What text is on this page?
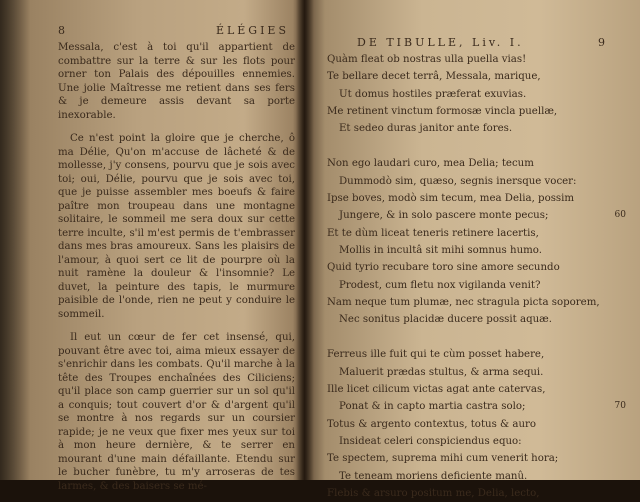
8	ÉLÉGIES

Messala, c'est à toi qu'il appartient de combattre sur la terre & sur les flots pour orner ton Palais des dépouilles ennemies. Une jolie Maîtresse me retient dans ses fers & je demeure assis devant sa porte inexorable.

Ce n'est point la gloire que je cherche, ô ma Délie, Qu'on m'accuse de lâcheté & de mollesse, j'y consens, pourvu que je sois avec toi; oui, Délie, pourvu que je sois avec toi, que je puisse assembler mes boeufs & faire paître mon troupeau dans une montagne solitaire, le sommeil me sera doux sur cette terre inculte, s'il m'est permis de t'embrasser dans mes bras amoureux. Sans les plaisirs de l'amour, à quoi sert ce lit de pourpre où la nuit ramène la douleur & l'insomnie? Le duvet, la peinture des tapis, le murmure paisible de l'onde, rien ne peut y conduire le sommeil.

Il eut un cœur de fer cet insensé, qui, pouvant être avec toi, aima mieux essayer de s'enrichir dans les combats. Qu'il marche à la tête des Troupes enchaînées des Ciliciens; qu'il place son camp guerrier sur un sol qu'il a conquis; tout couvert d'or & d'argent qu'il se montre à nos regards sur un coursier rapide; je ne veux que fixer mes yeux sur toi à mon heure dernière, & te serrer en mourant d'une main défaillante. Etendu sur le bucher funèbre, tu m'y arroseras de tes larmes, & des baisers se mé-

DE TIBULLE, Liv. I.	9
Quàm fleat ob nostras ulla puella vias!
Te bellare decet terrâ, Messala, marique,
Ut domus hostiles præferat exuvias.
Me retinent vinctum formosæ vincla puellæ,
Et sedeo duras janitor ante fores.
Non ego laudari curo, mea Delia; tecum
Dummodò sim, quæso, segnis inersque vocer:
Ipse boves, modò sim tecum, mea Delia, possim
Jungere, & in solo pascere monte pecus;
Et te dùm liceat teneris retinere lacertis,
Mollis in incultâ sit mihi somnus humo.
Quid tyrio recubare toro sine amore secundo
Prodest, cum fletu nox vigilanda venit?
Nam neque tum plumæ, nec stragula picta soporem,
Nec sonitus placidæ ducere possit aquæ.
60
Ferreus ille fuit qui te cùm posset habere,
Maluerit prædas stultus, & arma sequi.
Ille licet cilicum victas agat ante catervas,
Ponat & in capto martia castra solo;
Totus & argento contextus, totus & auro
Insideat celeri conspiciendus equo:
Te spectem, suprema mihi cum venerit hora;
Te teneam moriens deficiente manû.
Flebis & arsuro positum me, Delia, lecto,
70
